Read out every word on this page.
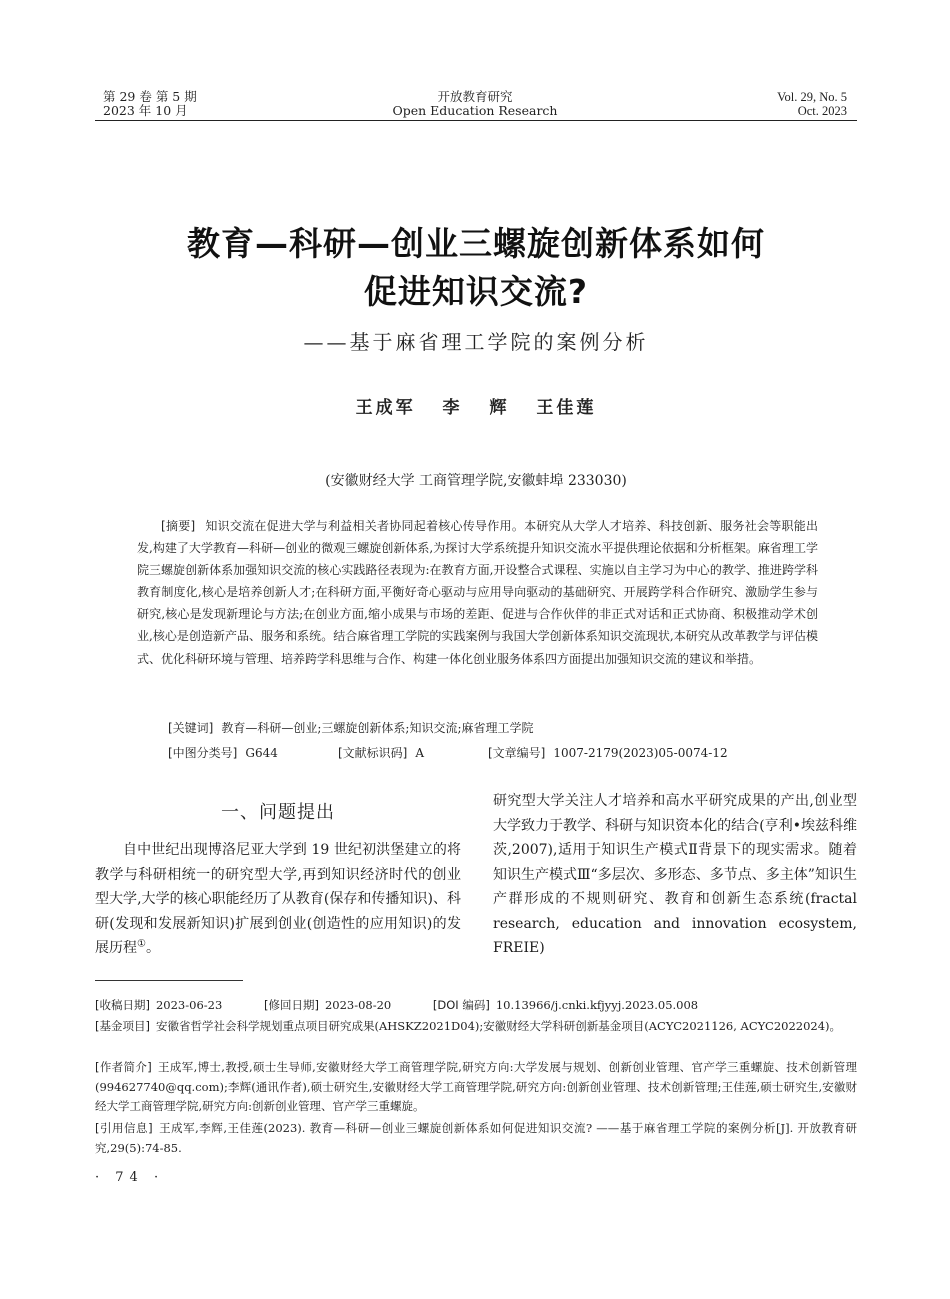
第 29 卷 第 5 期
2023 年 10 月
开放教育研究
Open Education Research
Vol. 29, No. 5
Oct. 2023
教育—科研—创业三螺旋创新体系如何
促进知识交流?
——基于麻省理工学院的案例分析
王成军 李 辉 王佳莲
(安徽财经大学 工商管理学院,安徽蚌埠 233030)
[摘要] 知识交流在促进大学与利益相关者协同起着核心传导作用。本研究从大学人才培养、科技创新、服务社会等职能出发,构建了大学教育—科研—创业的微观三螺旋创新体系,为探讨大学系统提升知识交流水平提供理论依据和分析框架。麻省理工学院三螺旋创新体系加强知识交流的核心实践路径表现为:在教育方面,开设整合式课程、实施以自主学习为中心的教学、推进跨学科教育制度化,核心是培养创新人才;在科研方面,平衡好奇心驱动与应用导向驱动的基础研究、开展跨学科合作研究、激励学生参与研究,核心是发现新理论与方法;在创业方面,缩小成果与市场的差距、促进与合作伙伴的非正式对话和正式协商、积极推动学术创业,核心是创造新产品、服务和系统。结合麻省理工学院的实践案例与我国大学创新体系知识交流现状,本研究从改革教学与评估模式、优化科研环境与管理、培养跨学科思维与合作、构建一体化创业服务体系四方面提出加强知识交流的建议和举措。
[关键词] 教育—科研—创业;三螺旋创新体系;知识交流;麻省理工学院
[中图分类号] G644	[文献标识码] A	[文章编号] 1007-2179(2023)05-0074-12
一、问题提出
自中世纪出现博洛尼亚大学到 19 世纪初洪堡建立的将教学与科研相统一的研究型大学,再到知识经济时代的创业型大学,大学的核心职能经历了从教育(保存和传播知识)、科研(发现和发展新知识)扩展到创业(创造性的应用知识)的发展历程①。
研究型大学关注人才培养和高水平研究成果的产出,创业型大学致力于教学、科研与知识资本化的结合(亨利•埃兹科维茨,2007),适用于知识生产模式Ⅱ背景下的现实需求。随着知识生产模式Ⅲ“多层次、多形态、多节点、多主体”知识生产群形成的不规则研究、教育和创新生态系统(fractal research, education and innovation ecosystem, FREIE)
[收稿日期] 2023-06-23	[修回日期] 2023-08-20	[DOI 编码] 10.13966/j.cnki.kfjyyj.2023.05.008
[基金项目] 安徽省哲学社会科学规划重点项目研究成果(AHSKZ2021D04);安徽财经大学科研创新基金项目(ACYC2021126, ACYC2022024)。
[作者简介] 王成军,博士,教授,硕士生导师,安徽财经大学工商管理学院,研究方向:大学发展与规划、创新创业管理、官产学三重螺旋、技术创新管理(994627740@qq.com);李辉(通讯作者),硕士研究生,安徽财经大学工商管理学院,研究方向:创新创业管理、技术创新管理;王佳莲,硕士研究生,安徽财经大学工商管理学院,研究方向:创新创业管理、官产学三重螺旋。
[引用信息] 王成军,李辉,王佳莲(2023). 教育—科研—创业三螺旋创新体系如何促进知识交流? ——基于麻省理工学院的案例分析[J]. 开放教育研究,29(5):74-85.
· 74 ·
